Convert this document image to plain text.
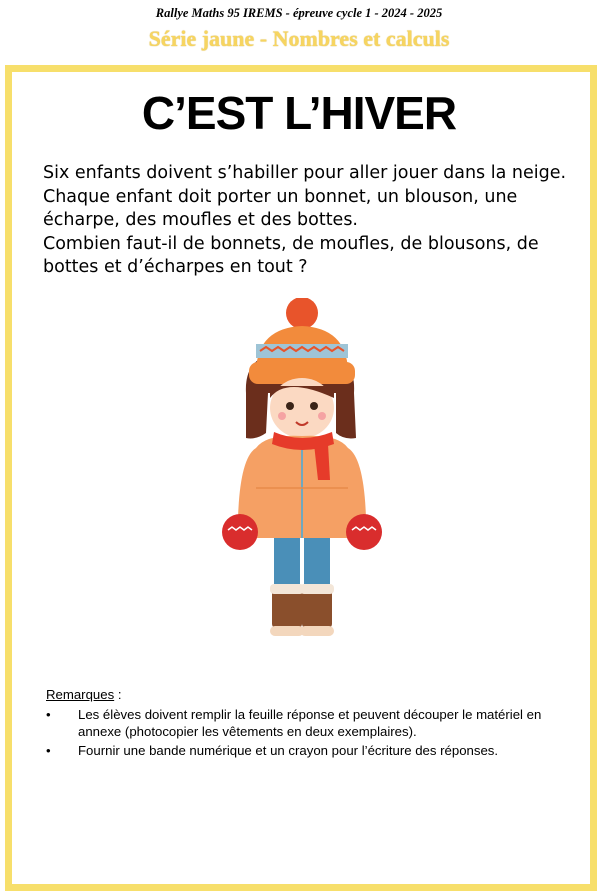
Rallye Maths 95 IREMS - épreuve cycle 1 - 2024 - 2025
Série jaune - Nombres et calculs
C’EST L’HIVER

Six enfants doivent s’habiller pour aller jouer dans la neige. Chaque enfant doit porter un bonnet, un blouson, une écharpe, des moufles et des bottes.

Combien faut-il de bonnets, de moufles, de blousons, de bottes et d’écharpes en tout ?

Remarques :
• Les élèves doivent remplir la feuille réponse et peuvent découper le matériel en annexe (photocopier les vêtements en deux exemplaires).
• Fournir une bande numérique et un crayon pour l’écriture des réponses.
